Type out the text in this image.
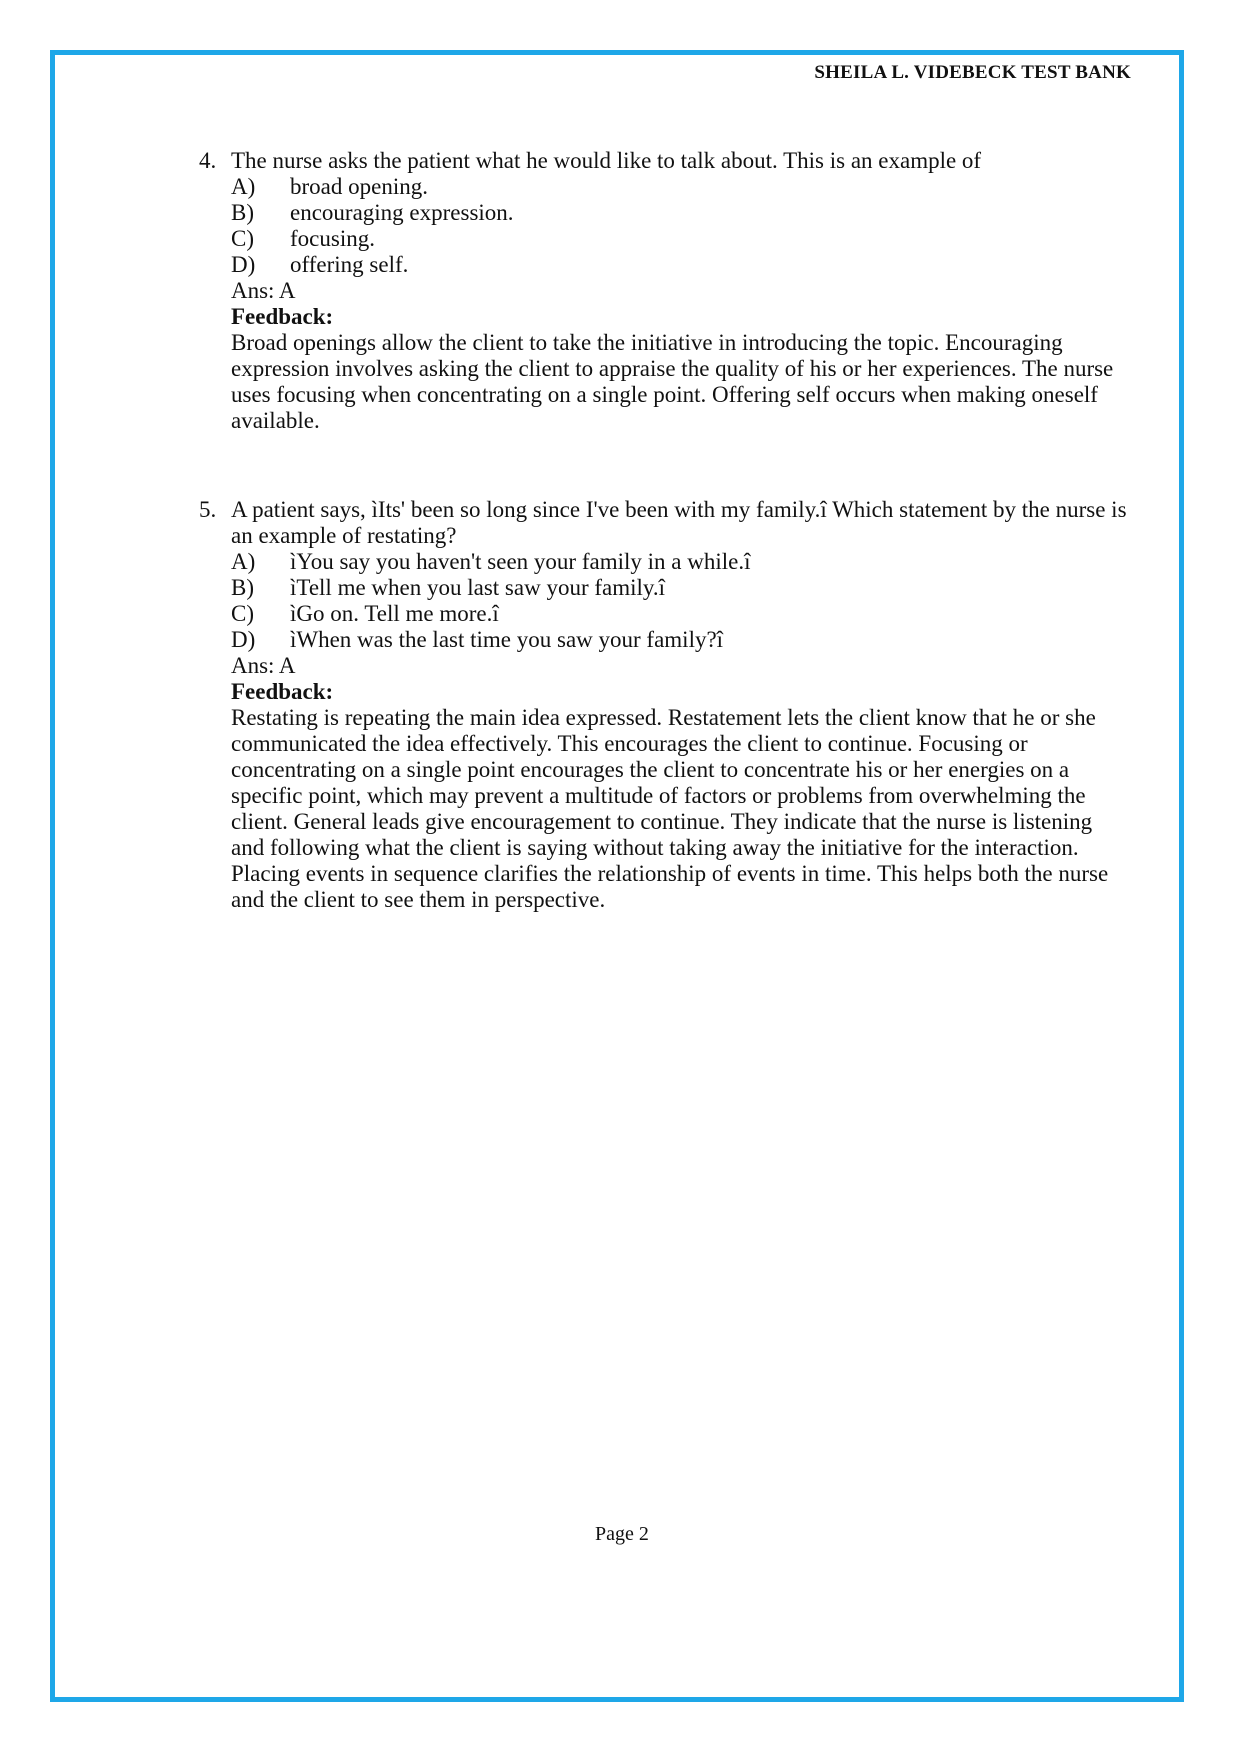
SHEILA L. VIDEBECK TEST BANK
4. The nurse asks the patient what he would like to talk about. This is an example of
A)	broad opening.
B)	encouraging expression.
C)	focusing.
D)	offering self.
Ans: A
Feedback:
Broad openings allow the client to take the initiative in introducing the topic. Encouraging expression involves asking the client to appraise the quality of his or her experiences. The nurse uses focusing when concentrating on a single point. Offering self occurs when making oneself available.
5. A patient says, ìIts' been so long since I've been with my family.î Which statement by the nurse is an example of restating?
A)	ìYou say you haven't seen your family in a while.î
B)	ìTell me when you last saw your family.î
C)	ìGo on. Tell me more.î
D)	ìWhen was the last time you saw your family?î
Ans: A
Feedback:
Restating is repeating the main idea expressed. Restatement lets the client know that he or she communicated the idea effectively. This encourages the client to continue. Focusing or concentrating on a single point encourages the client to concentrate his or her energies on a specific point, which may prevent a multitude of factors or problems from overwhelming the client. General leads give encouragement to continue. They indicate that the nurse is listening and following what the client is saying without taking away the initiative for the interaction. Placing events in sequence clarifies the relationship of events in time. This helps both the nurse and the client to see them in perspective.
Page 2
